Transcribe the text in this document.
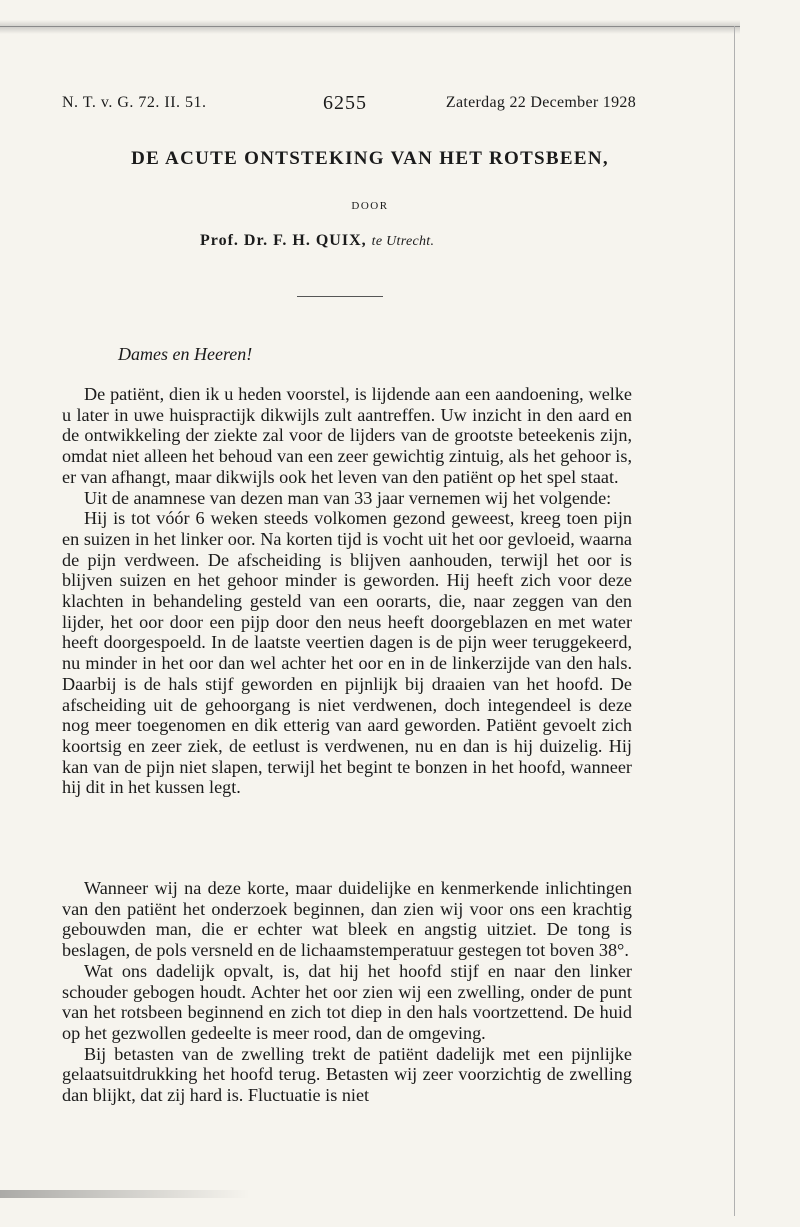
N. T. v. G. 72. II. 51.	6255	Zaterdag 22 December 1928
DE ACUTE ONTSTEKING VAN HET ROTSBEEN,
DOOR
Prof. Dr. F. H. QUIX, te Utrecht.
Dames en Heeren!

De patiënt, dien ik u heden voorstel, is lijdende aan een aandoening, welke u later in uwe huispractijk dikwijls zult aantreffen. Uw inzicht in den aard en de ontwikkeling der ziekte zal voor de lijders van de grootste beteekenis zijn, omdat niet alleen het behoud van een zeer gewichtig zintuig, als het gehoor is, er van afhangt, maar dikwijls ook het leven van den patiënt op het spel staat.

Uit de anamnese van dezen man van 33 jaar vernemen wij het volgende:

Hij is tot vóór 6 weken steeds volkomen gezond geweest, kreeg toen pijn en suizen in het linker oor. Na korten tijd is vocht uit het oor gevloeid, waarna de pijn verdween. De afscheiding is blijven aanhouden, terwijl het oor is blijven suizen en het gehoor minder is geworden. Hij heeft zich voor deze klachten in behandeling gesteld van een oorarts, die, naar zeggen van den lijder, het oor door een pijp door den neus heeft doorgeblazen en met water heeft doorgespoeld. In de laatste veertien dagen is de pijn weer teruggekeerd, nu minder in het oor dan wel achter het oor en in de linkerzijde van den hals. Daarbij is de hals stijf geworden en pijnlijk bij draaien van het hoofd. De afscheiding uit de gehoorgang is niet verdwenen, doch integendeel is deze nog meer toegenomen en dik etterig van aard geworden. Patiënt gevoelt zich koortsig en zeer ziek, de eetlust is verdwenen, nu en dan is hij duizelig. Hij kan van de pijn niet slapen, terwijl het begint te bonzen in het hoofd, wanneer hij dit in het kussen legt.

Wanneer wij na deze korte, maar duidelijke en kenmerkende inlichtingen van den patiënt het onderzoek beginnen, dan zien wij voor ons een krachtig gebouwden man, die er echter wat bleek en angstig uitziet. De tong is beslagen, de pols versneld en de lichaamstemperatuur gestegen tot boven 38°.

Wat ons dadelijk opvalt, is, dat hij het hoofd stijf en naar den linker schouder gebogen houdt. Achter het oor zien wij een zwelling, onder de punt van het rotsbeen beginnend en zich tot diep in den hals voortzettend. De huid op het gezwollen gedeelte is meer rood, dan de omgeving.

Bij betasten van de zwelling trekt de patiënt dadelijk met een pijnlijke gelaatsuitdrukking het hoofd terug. Betasten wij zeer voorzichtig de zwelling dan blijkt, dat zij hard is. Fluctuatie is niet
